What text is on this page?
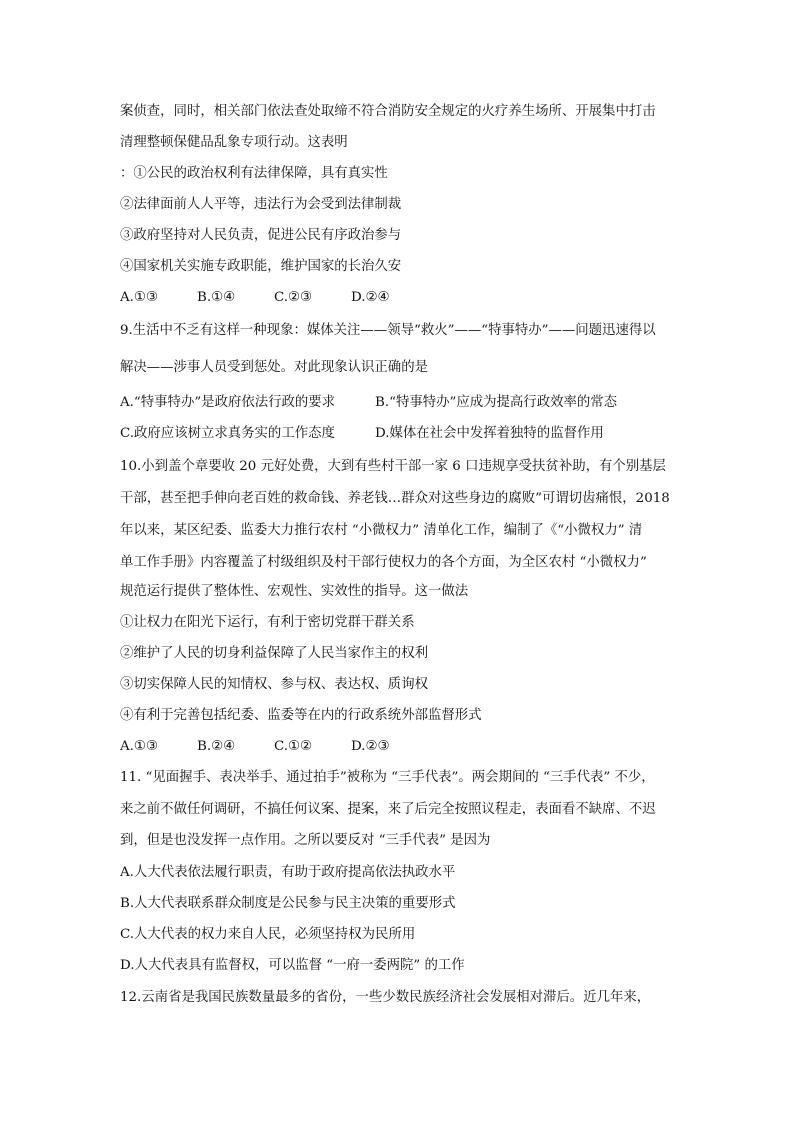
案侦查，同时，相关部门依法查处取缔不符合消防安全规定的火疗养生场所、开展集中打击
清理整顿保健品乱象专项行动。这表明
：①公民的政治权利有法律保障，具有真实性
②法律面前人人平等，违法行为会受到法律制裁
③政府坚持对人民负责，促进公民有序政治参与
④国家机关实施专政职能，维护国家的长治久安
A.①③	B.①④	C.②③	D.②④
9.生活中不乏有这样一种现象：媒体关注——领导“救火”——“特事特办”——问题迅速得以
解决——涉事人员受到惩处。对此现象认识正确的是
A.“特事特办”是政府依法行政的要求	B.“特事特办”应成为提高行政效率的常态
C.政府应该树立求真务实的工作态度	D.媒体在社会中发挥着独特的监督作用
10.小到盖个章要收 20 元好处费，大到有些村干部一家 6 口违规享受扶贫补助，有个别基层
干部，甚至把手伸向老百姓的救命钱、养老钱…群众对这些身边的腐败”可谓切齿痛恨，2018
年以来，某区纪委、监委大力推行农村 “小微权力” 清单化工作，编制了《“小微权力” 清
单工作手册》内容覆盖了村级组织及村干部行使权力的各个方面，为全区农村 “小微权力”
规范运行提供了整体性、宏观性、实效性的指导。这一做法
①让权力在阳光下运行，有利于密切党群干群关系
②维护了人民的切身利益保障了人民当家作主的权利
③切实保障人民的知情权、参与权、表达权、质询权
④有利于完善包括纪委、监委等在内的行政系统外部监督形式
A.①③	B.②④	C.①②	D.②③
11. “见面握手、表决举手、通过拍手”被称为 “三手代表”。两会期间的 “三手代表” 不少，
来之前不做任何调研，不搞任何议案、提案，来了后完全按照议程走，表面看不缺席、不迟
到，但是也没发挥一点作用。之所以要反对 “三手代表” 是因为
A.人大代表依法履行职责，有助于政府提高依法执政水平
B.人大代表联系群众制度是公民参与民主决策的重要形式
C.人大代表的权力来自人民，必须坚持权为民所用
D.人大代表具有监督权，可以监督 “一府一委两院” 的工作
12.云南省是我国民族数量最多的省份，一些少数民族经济社会发展相对滞后。近几年来，
